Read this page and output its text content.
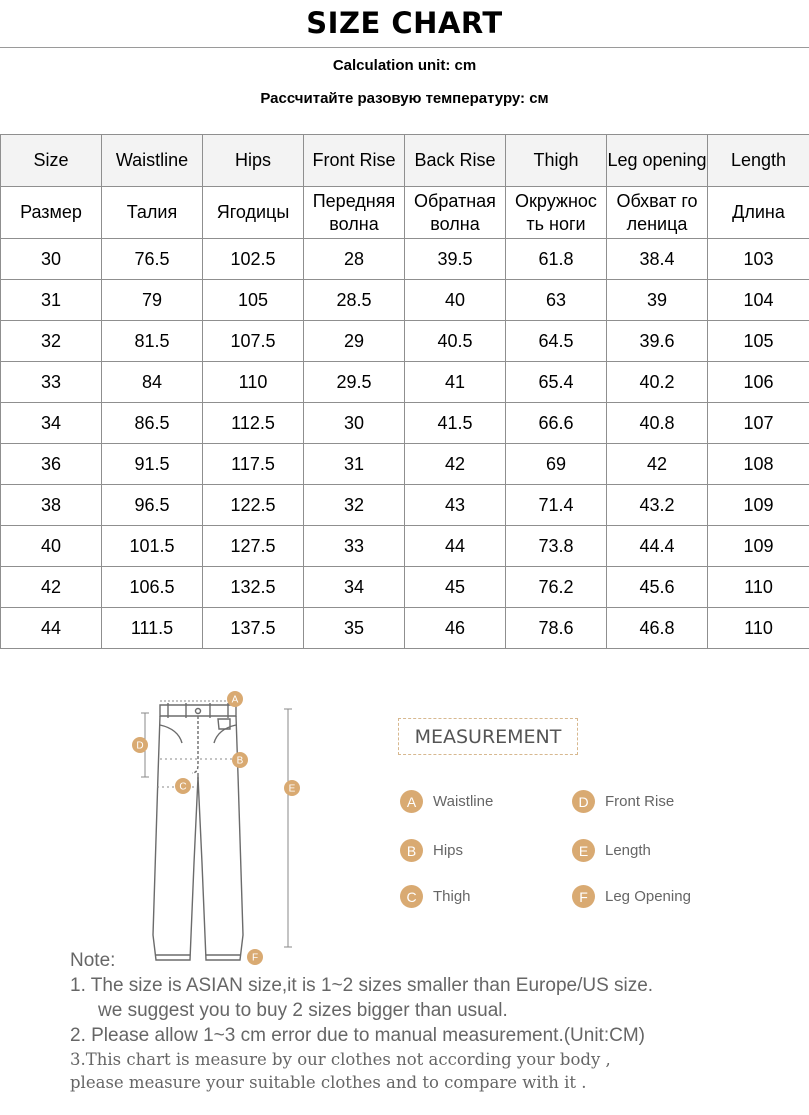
SIZE CHART
Calculation unit: cm
Рассчитайте разовую температуру: см
Size	Waistline	Hips	Front Rise	Back Rise	Thigh	Leg opening	Length
Размер	Талия	Ягодицы	Передняя волна	Обратная волна	Окружнос ть ноги	Обхват го леница	Длина
30	76.5	102.5	28	39.5	61.8	38.4	103
31	79	105	28.5	40	63	39	104
32	81.5	107.5	29	40.5	64.5	39.6	105
33	84	110	29.5	41	65.4	40.2	106
34	86.5	112.5	30	41.5	66.6	40.8	107
36	91.5	117.5	31	42	69	42	108
38	96.5	122.5	32	43	71.4	43.2	109
40	101.5	127.5	33	44	73.8	44.4	109
42	106.5	132.5	34	45	76.2	45.6	110
44	111.5	137.5	35	46	78.6	46.8	110
A
B
C
D
E
F
MEASUREMENT
A	Waistline
B	Hips
C	Thigh
D	Front Rise
E	Length
F	Leg Opening
Note:
1. The size is ASIAN size,it is 1~2 sizes smaller than Europe/US size.
we suggest you to buy 2 sizes bigger than usual.
2. Please allow 1~3 cm error due to manual measurement.(Unit:CM)
3.This chart is measure by our clothes not according your body ,
please measure your suitable clothes and to compare with it .
